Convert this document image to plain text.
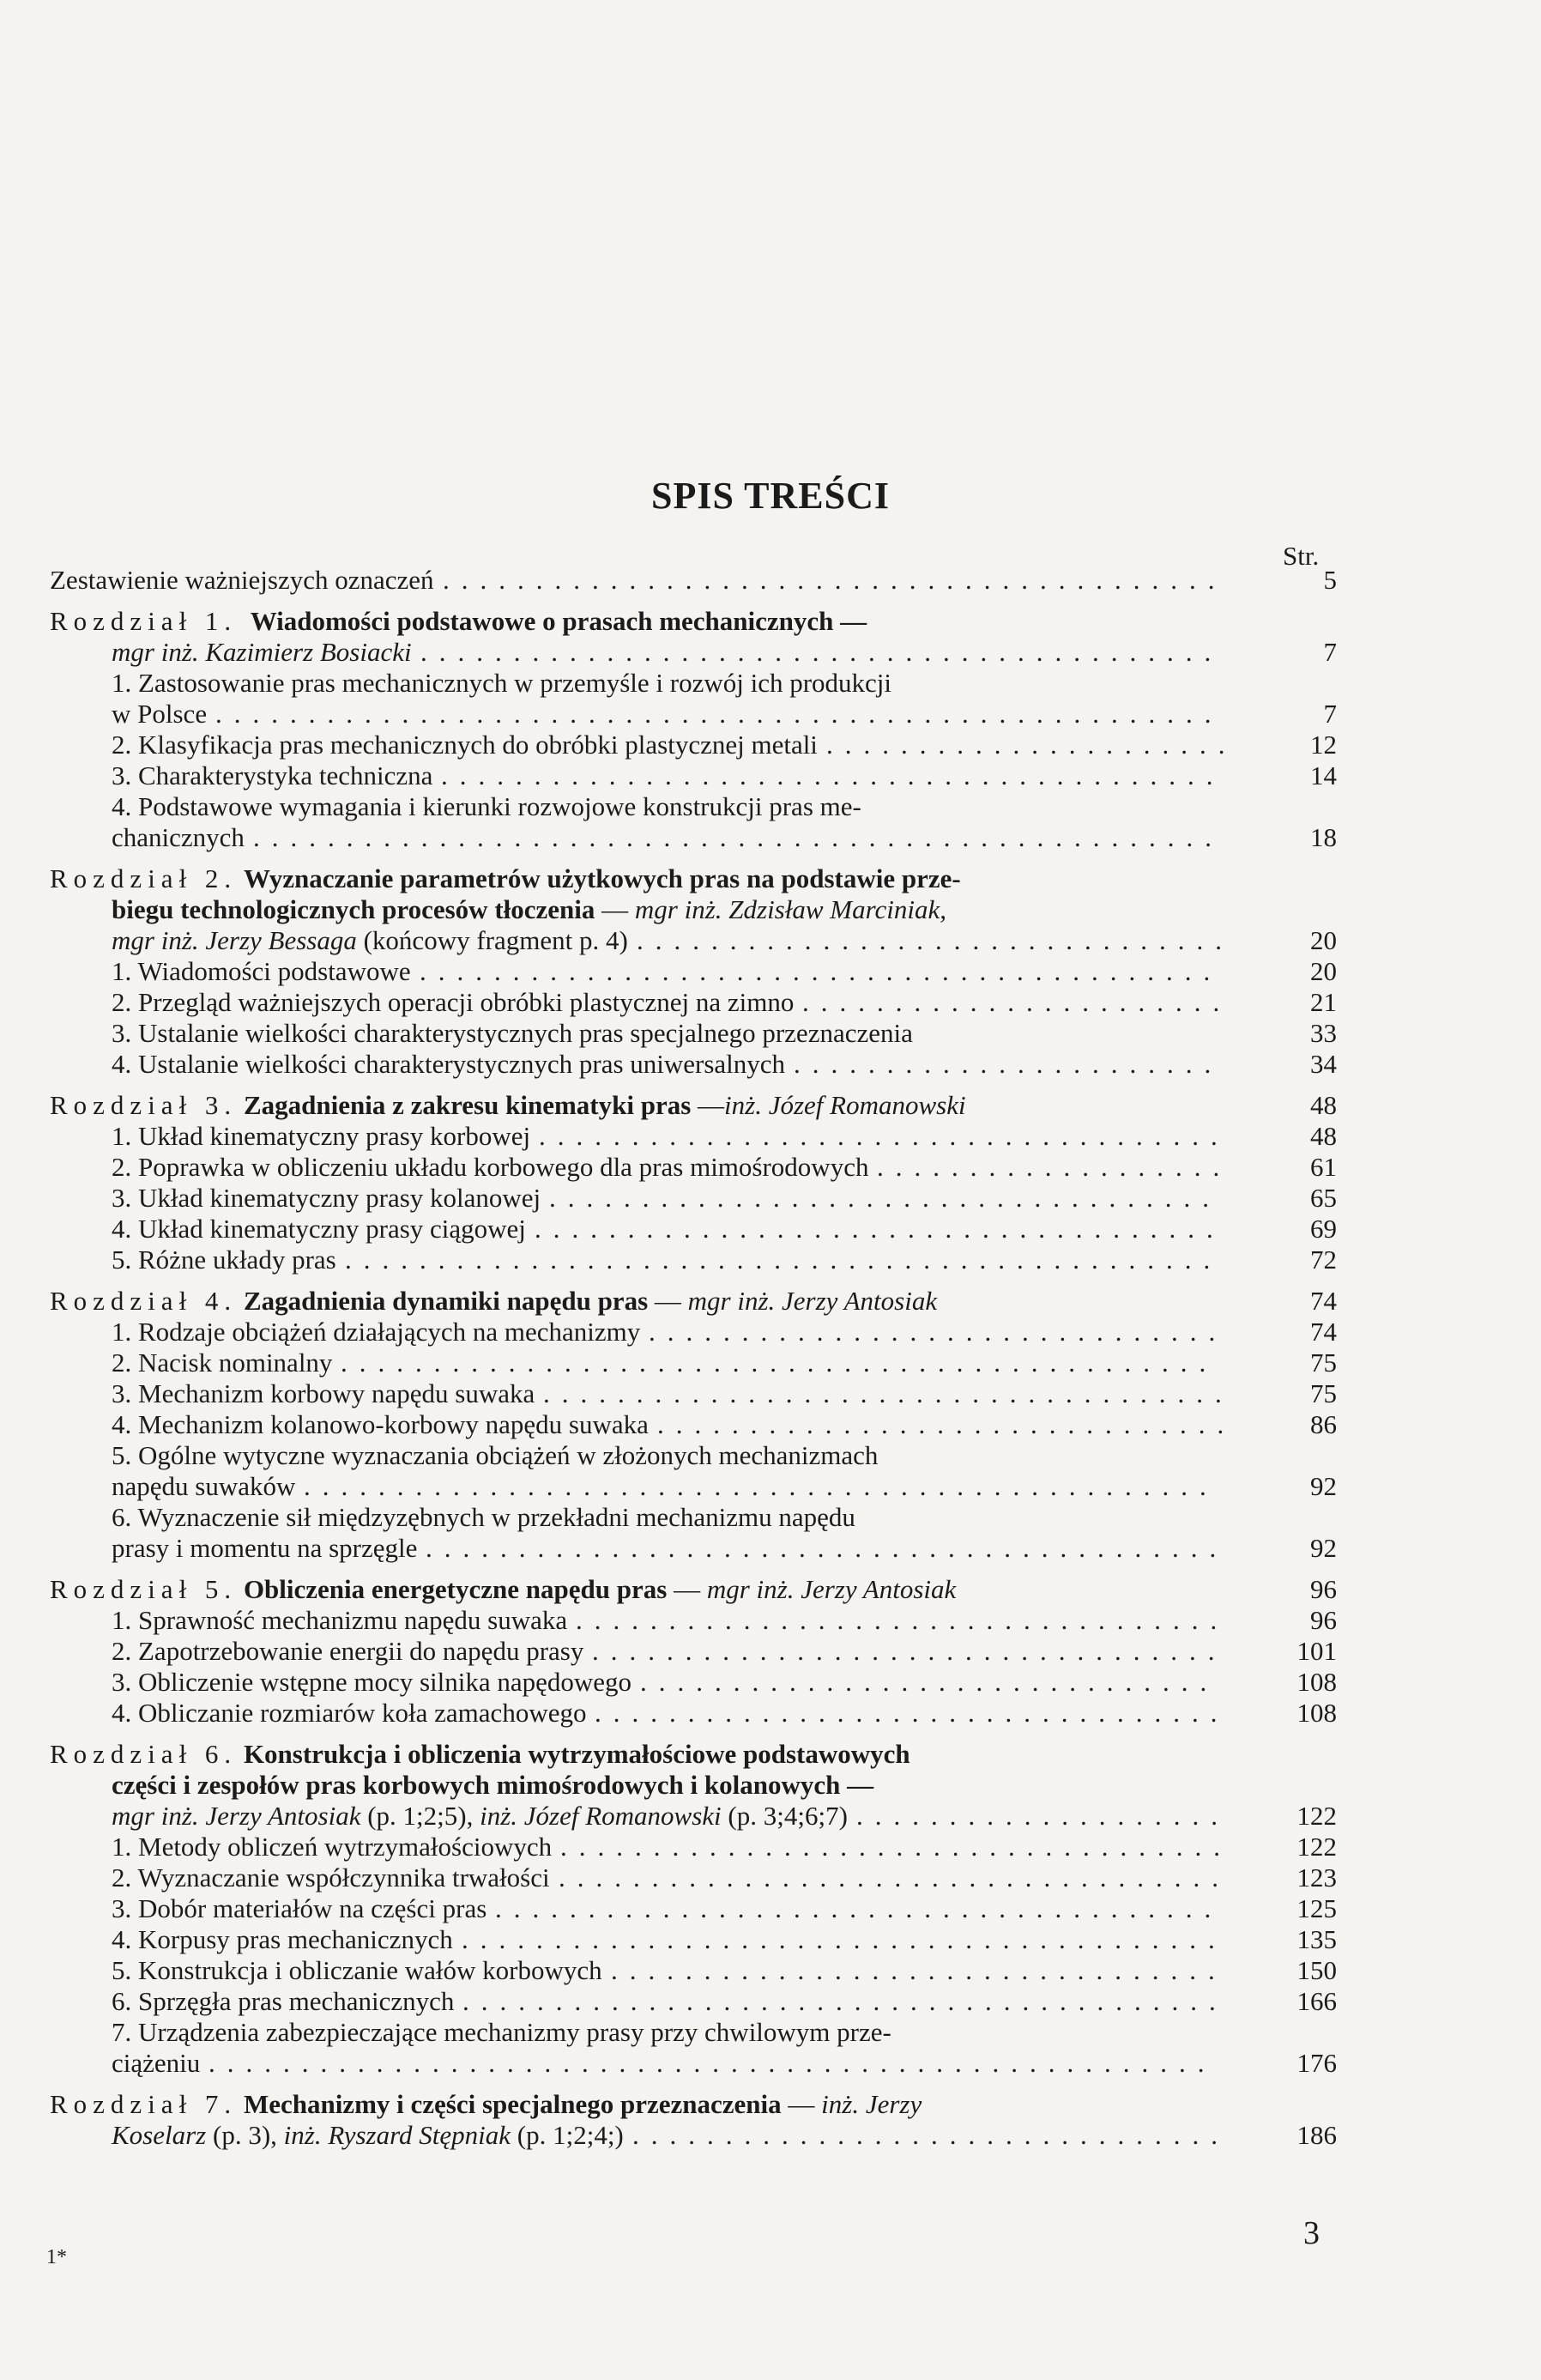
SPIS TREŚCI
Str.
Zestawienie ważniejszych oznaczeń ..........................................	5
Rozdział 1. Wiadomości podstawowe o prasach mechanicznych —
mgr inż. Kazimierz Bosiacki ...........................................	7
1. Zastosowanie pras mechanicznych w przemyśle i rozwój ich produkcji
w Polsce ......................................................	7
2. Klasyfikacja pras mechanicznych do obróbki plastycznej metali ......................	12
3. Charakterystyka techniczna ..........................................	14
4. Podstawowe wymagania i kierunki rozwojowe konstrukcji pras me-
chanicznych ....................................................	18
Rozdział 2. Wyznaczanie parametrów użytkowych pras na podstawie prze-
biegu technologicznych procesów tłoczenia — mgr inż. Zdzisław Marciniak,
mgr inż. Jerzy Bessaga (końcowy fragment p. 4) ................................	20
1. Wiadomości podstawowe ...........................................	20
2. Przegląd ważniejszych operacji obróbki plastycznej na zimno .......................	21
3. Ustalanie wielkości charakterystycznych pras specjalnego przeznaczenia	33
4. Ustalanie wielkości charakterystycznych pras uniwersalnych .......................	34
Rozdział 3. Zagadnienia z zakresu kinematyki pras —inż. Józef Romanowski	48
1. Układ kinematyczny prasy korbowej .....................................	48
2. Poprawka w obliczeniu układu korbowego dla pras mimośrodowych ...................	61
3. Układ kinematyczny prasy kolanowej ....................................	65
4. Układ kinematyczny prasy ciągowej .....................................	69
5. Różne układy pras ...............................................	72
Rozdział 4. Zagadnienia dynamiki napędu pras — mgr inż. Jerzy Antosiak	74
1. Rodzaje obciążeń działających na mechanizmy ...............................	74
2. Nacisk nominalny ...............................................	75
3. Mechanizm korbowy napędu suwaka .....................................	75
4. Mechanizm kolanowo-korbowy napędu suwaka ...............................	86
5. Ogólne wytyczne wyznaczania obciążeń w złożonych mechanizmach
napędu suwaków .................................................	92
6. Wyznaczenie sił międzyzębnych w przekładni mechanizmu napędu
prasy i momentu na sprzęgle ...........................................	92
Rozdział 5. Obliczenia energetyczne napędu pras — mgr inż. Jerzy Antosiak	96
1. Sprawność mechanizmu napędu suwaka ...................................	96
2. Zapotrzebowanie energii do napędu prasy ..................................	101
3. Obliczenie wstępne mocy silnika napędowego ...............................	108
4. Obliczanie rozmiarów koła zamachowego ..................................	108
Rozdział 6. Konstrukcja i obliczenia wytrzymałościowe podstawowych
części i zespołów pras korbowych mimośrodowych i kolanowych —
mgr inż. Jerzy Antosiak (p. 1;2;5), inż. Józef Romanowski (p. 3;4;6;7) ....................	122
1. Metody obliczeń wytrzymałościowych ....................................	122
2. Wyznaczanie współczynnika trwałości ....................................	123
3. Dobór materiałów na części pras .......................................	125
4. Korpusy pras mechanicznych .........................................	135
5. Konstrukcja i obliczanie wałów korbowych .................................	150
6. Sprzęgła pras mechanicznych .........................................	166
7. Urządzenia zabezpieczające mechanizmy prasy przy chwilowym prze-
ciążeniu ......................................................	176
Rozdział 7. Mechanizmy i części specjalnego przeznaczenia — inż. Jerzy
Koselarz (p. 3), inż. Ryszard Stępniak (p. 1;2;4;) ................................	186
1*
3
